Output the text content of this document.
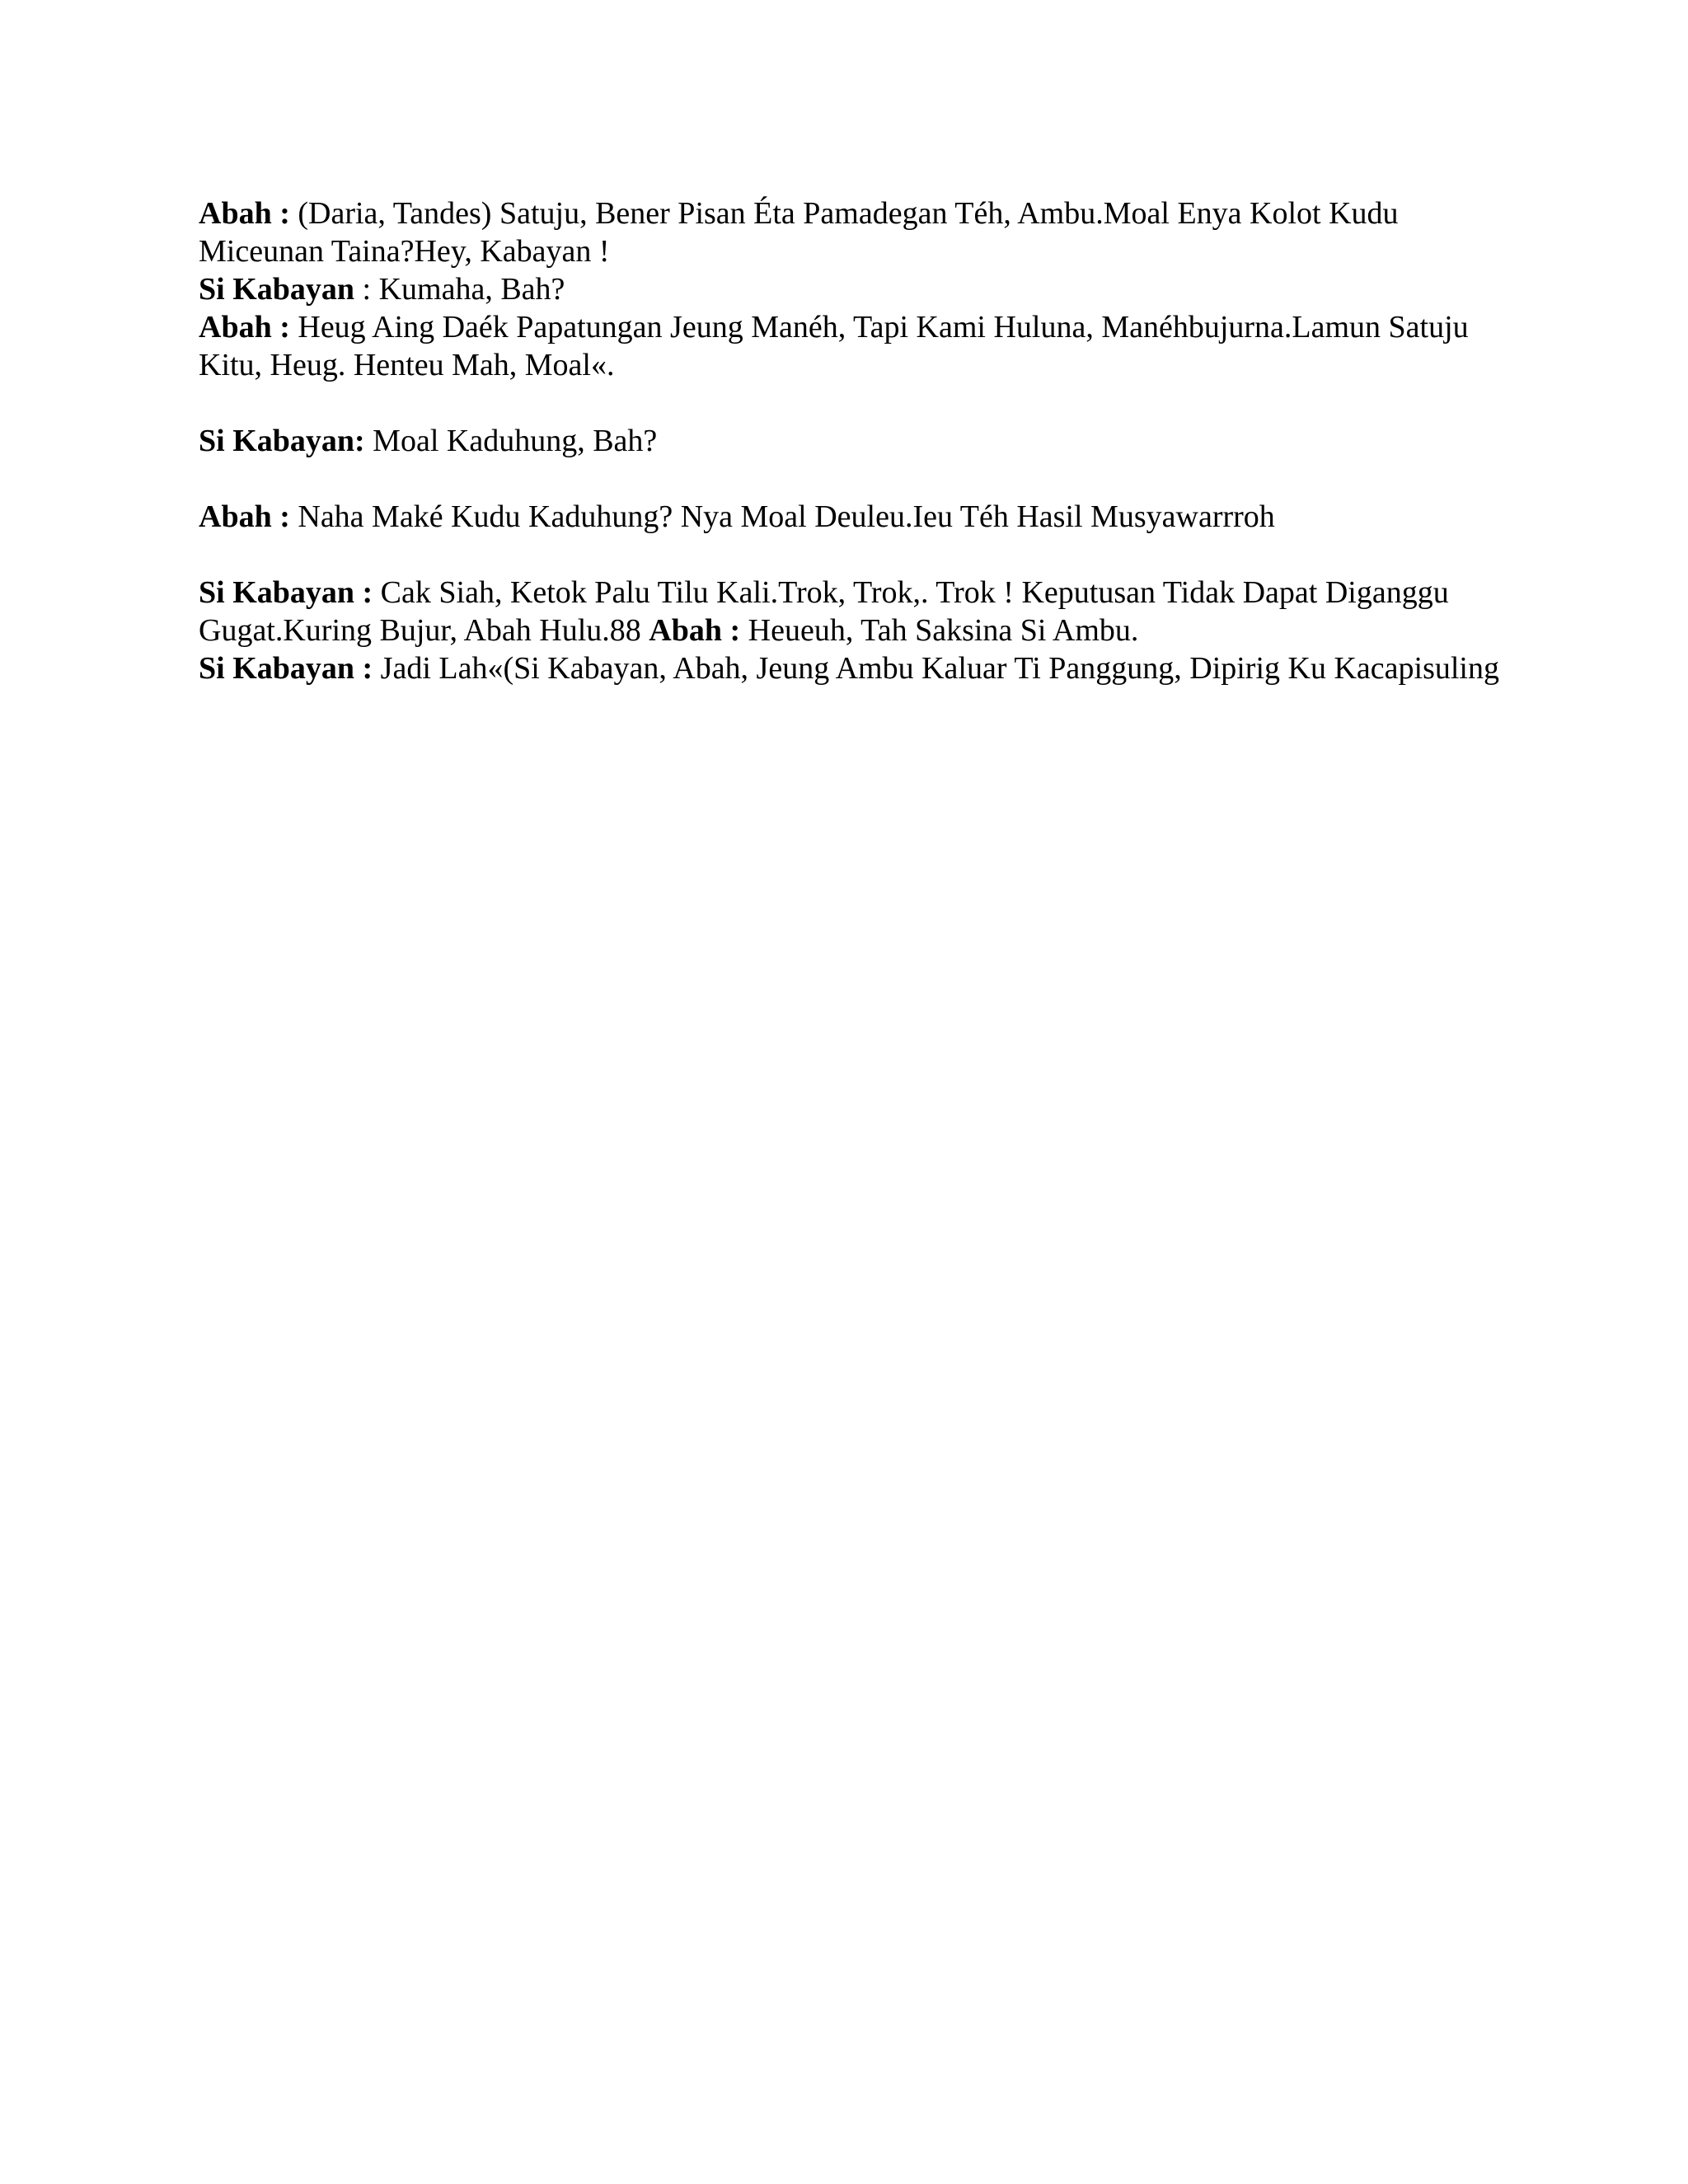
Abah : (Daria, Tandes) Satuju, Bener Pisan Éta Pamadegan Téh, Ambu.Moal Enya Kolot Kudu Miceunan Taina?Hey, Kabayan !

Si Kabayan : Kumaha, Bah?

Abah : Heug Aing Daék Papatungan Jeung Manéh, Tapi Kami Huluna, Manéhbujurna.Lamun Satuju Kitu, Heug. Henteu Mah, Moal«.

Si Kabayan: Moal Kaduhung, Bah?

Abah : Naha Maké Kudu Kaduhung? Nya Moal Deuleu.Ieu Téh Hasil Musyawarrroh

Si Kabayan : Cak Siah, Ketok Palu Tilu Kali.Trok, Trok,. Trok ! Keputusan Tidak Dapat Diganggu Gugat.Kuring Bujur, Abah Hulu.88 Abah : Heueuh, Tah Saksina Si Ambu.

Si Kabayan : Jadi Lah«(Si Kabayan, Abah, Jeung Ambu Kaluar Ti Panggung, Dipirig Ku Kacapisuling
